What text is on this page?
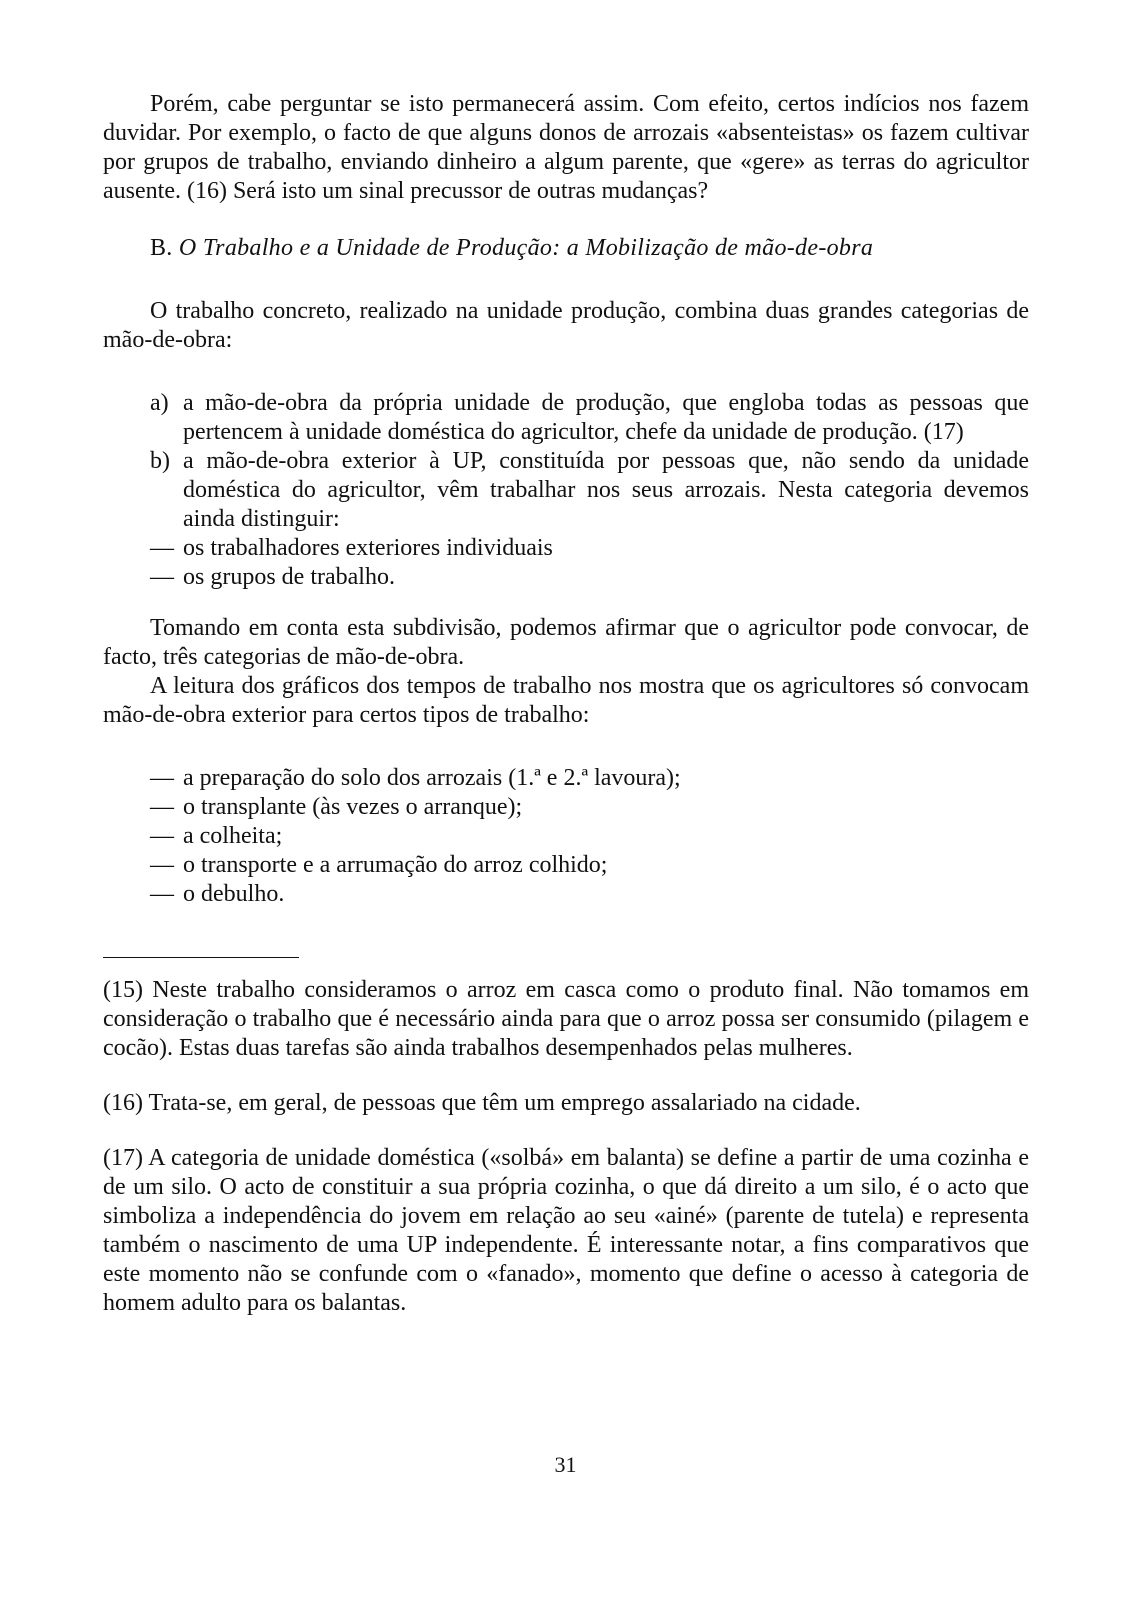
Porém, cabe perguntar se isto permanecerá assim. Com efeito, certos indícios nos fazem duvidar. Por exemplo, o facto de que alguns donos de arrozais «absenteistas» os fazem cultivar por grupos de trabalho, enviando dinheiro a algum parente, que «gere» as terras do agricultor ausente. (16) Será isto um sinal precussor de outras mudanças?

B. O Trabalho e a Unidade de Produção: a Mobilização de mão-de-obra

O trabalho concreto, realizado na unidade produção, combina duas grandes categorias de mão-de-obra:

a) a mão-de-obra da própria unidade de produção, que engloba todas as pessoas que pertencem à unidade doméstica do agricultor, chefe da unidade de produção. (17)
b) a mão-de-obra exterior à UP, constituída por pessoas que, não sendo da unidade doméstica do agricultor, vêm trabalhar nos seus arrozais. Nesta categoria devemos ainda distinguir:
— os trabalhadores exteriores individuais
— os grupos de trabalho.

Tomando em conta esta subdivisão, podemos afirmar que o agricultor pode convocar, de facto, três categorias de mão-de-obra.

A leitura dos gráficos dos tempos de trabalho nos mostra que os agricultores só convocam mão-de-obra exterior para certos tipos de trabalho:

— a preparação do solo dos arrozais (1.ª e 2.ª lavoura);
— o transplante (às vezes o arranque);
— a colheita;
— o transporte e a arrumação do arroz colhido;
— o debulho.

(15) Neste trabalho consideramos o arroz em casca como o produto final. Não tomamos em consideração o trabalho que é necessário ainda para que o arroz possa ser consumido (pilagem e cocão). Estas duas tarefas são ainda trabalhos desempenhados pelas mulheres.

(16) Trata-se, em geral, de pessoas que têm um emprego assalariado na cidade.

(17) A categoria de unidade doméstica («solbá» em balanta) se define a partir de uma cozinha e de um silo. O acto de constituir a sua própria cozinha, o que dá direito a um silo, é o acto que simboliza a independência do jovem em relação ao seu «ainé» (parente de tutela) e representa também o nascimento de uma UP independente. É interessante notar, a fins comparativos que este momento não se confunde com o «fanado», momento que define o acesso à categoria de homem adulto para os balantas.

31
